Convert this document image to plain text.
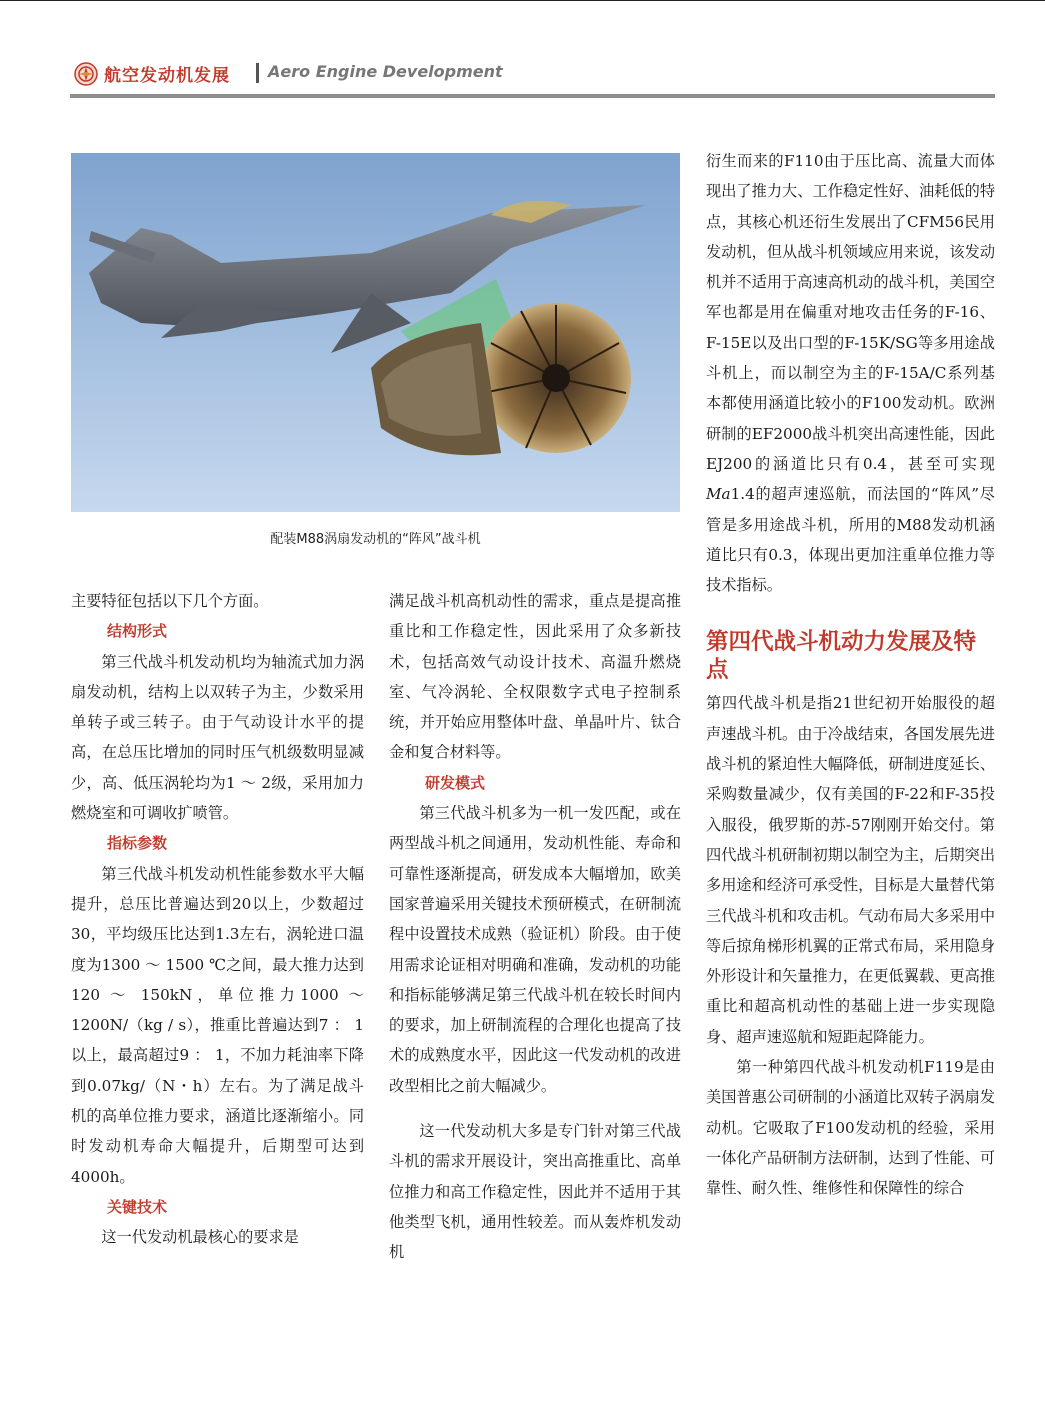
航空发动机发展 Aero Engine Development
配装M88涡扇发动机的“阵风”战斗机

主要特征包括以下几个方面。

结构形式

第三代战斗机发动机均为轴流式加力涡扇发动机，结构上以双转子为主，少数采用单转子或三转子。由于气动设计水平的提高，在总压比增加的同时压气机级数明显减少，高、低压涡轮均为1 ～ 2级，采用加力燃烧室和可调收扩喷管。

指标参数

第三代战斗机发动机性能参数水平大幅提升，总压比普遍达到20以上，少数超过30，平均级压比达到1.3左右，涡轮进口温度为1300 ～ 1500 ℃之间，最大推力达到120 ～ 150kN，单位推力1000 ～ 1200N/（kg / s），推重比普遍达到7 ： 1以上，最高超过9 ： 1，不加力耗油率下降到0.07kg/（N・h）左右。为了满足战斗机的高单位推力要求，涵道比逐渐缩小。同时发动机寿命大幅提升，后期型可达到4000h。

关键技术

这一代发动机最核心的要求是

满足战斗机高机动性的需求，重点是提高推重比和工作稳定性，因此采用了众多新技术，包括高效气动设计技术、高温升燃烧室、气冷涡轮、全权限数字式电子控制系统，并开始应用整体叶盘、单晶叶片、钛合金和复合材料等。

研发模式

第三代战斗机多为一机一发匹配，或在两型战斗机之间通用，发动机性能、寿命和可靠性逐渐提高，研发成本大幅增加，欧美国家普遍采用关键技术预研模式，在研制流程中设置技术成熟（验证机）阶段。由于使用需求论证相对明确和准确，发动机的功能和指标能够满足第三代战斗机在较长时间内的要求，加上研制流程的合理化也提高了技术的成熟度水平，因此这一代发动机的改进改型相比之前大幅减少。

这一代发动机大多是专门针对第三代战斗机的需求开展设计，突出高推重比、高单位推力和高工作稳定性，因此并不适用于其他类型飞机，通用性较差。而从轰炸机发动机

衍生而来的F110由于压比高、流量大而体现出了推力大、工作稳定性好、油耗低的特点，其核心机还衍生发展出了CFM56民用发动机，但从战斗机领域应用来说，该发动机并不适用于高速高机动的战斗机，美国空军也都是用在偏重对地攻击任务的F-16、F-15E以及出口型的F-15K/SG等多用途战斗机上，而以制空为主的F-15A/C系列基本都使用涵道比较小的F100发动机。欧洲研制的EF2000战斗机突出高速性能，因此EJ200的涵道比只有0.4，甚至可实现Ma1.4的超声速巡航，而法国的“阵风”尽管是多用途战斗机，所用的M88发动机涵道比只有0.3，体现出更加注重单位推力等技术指标。

第四代战斗机动力发展及特点

第四代战斗机是指21世纪初开始服役的超声速战斗机。由于冷战结束，各国发展先进战斗机的紧迫性大幅降低，研制进度延长、采购数量减少，仅有美国的F-22和F-35投入服役，俄罗斯的苏-57刚刚开始交付。第四代战斗机研制初期以制空为主，后期突出多用途和经济可承受性，目标是大量替代第三代战斗机和攻击机。气动布局大多采用中等后掠角梯形机翼的正常式布局，采用隐身外形设计和矢量推力，在更低翼载、更高推重比和超高机动性的基础上进一步实现隐身、超声速巡航和短距起降能力。

第一种第四代战斗机发动机F119是由美国普惠公司研制的小涵道比双转子涡扇发动机。它吸取了F100发动机的经验，采用一体化产品研制方法研制，达到了性能、可靠性、耐久性、维修性和保障性的综合
